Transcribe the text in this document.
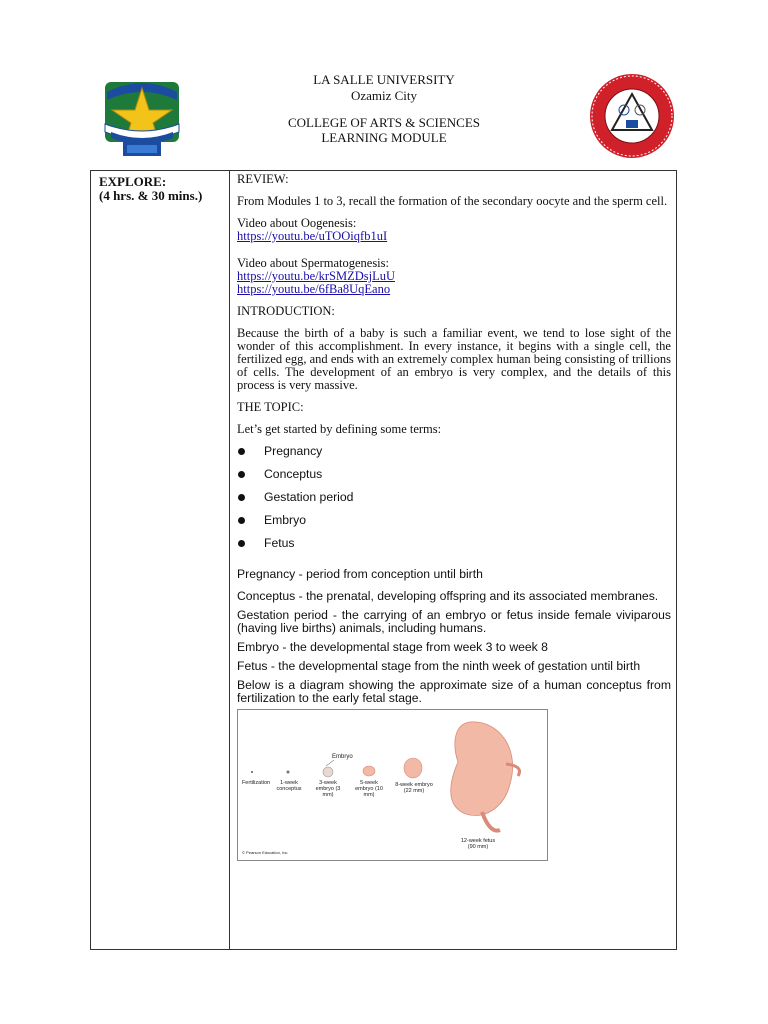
LA SALLE UNIVERSITY
Ozamiz City
COLLEGE OF ARTS & SCIENCES
LEARNING MODULE
EXPLORE:
(4 hrs. & 30 mins.)

REVIEW:

From Modules 1 to 3, recall the formation of the secondary oocyte and the sperm cell.

Video about Oogenesis:

https://youtu.be/uTOOiqfb1uI

Video about Spermatogenesis:

https://youtu.be/krSMZDsjLuU

https://youtu.be/6fBa8UqEano

INTRODUCTION:

Because the birth of a baby is such a familiar event, we tend to lose sight of the wonder of this accomplishment. In every instance, it begins with a single cell, the fertilized egg, and ends with an extremely complex human being consisting of trillions of cells. The development of an embryo is very complex, and the details of this process is very massive.

THE TOPIC:

Let’s get started by defining some terms:

Pregnancy
Conceptus
Gestation period
Embryo
Fetus

Pregnancy - period from conception until birth

Conceptus - the prenatal, developing offspring and its associated membranes.

Gestation period - the carrying of an embryo or fetus inside female viviparous (having live births) animals, including humans.

Embryo - the developmental stage from week 3 to week 8

Fetus - the developmental stage from the ninth week of gestation until birth

Below is a diagram showing the approximate size of a human conceptus from fertilization to the early fetal stage.

Embryo
Fertilization	1-week conceptus
3-week embryo (3 mm)
5-week embryo (10 mm)
8-week embryo (22 mm)
12-week fetus (90 mm)
© Pearson Education, Inc.
